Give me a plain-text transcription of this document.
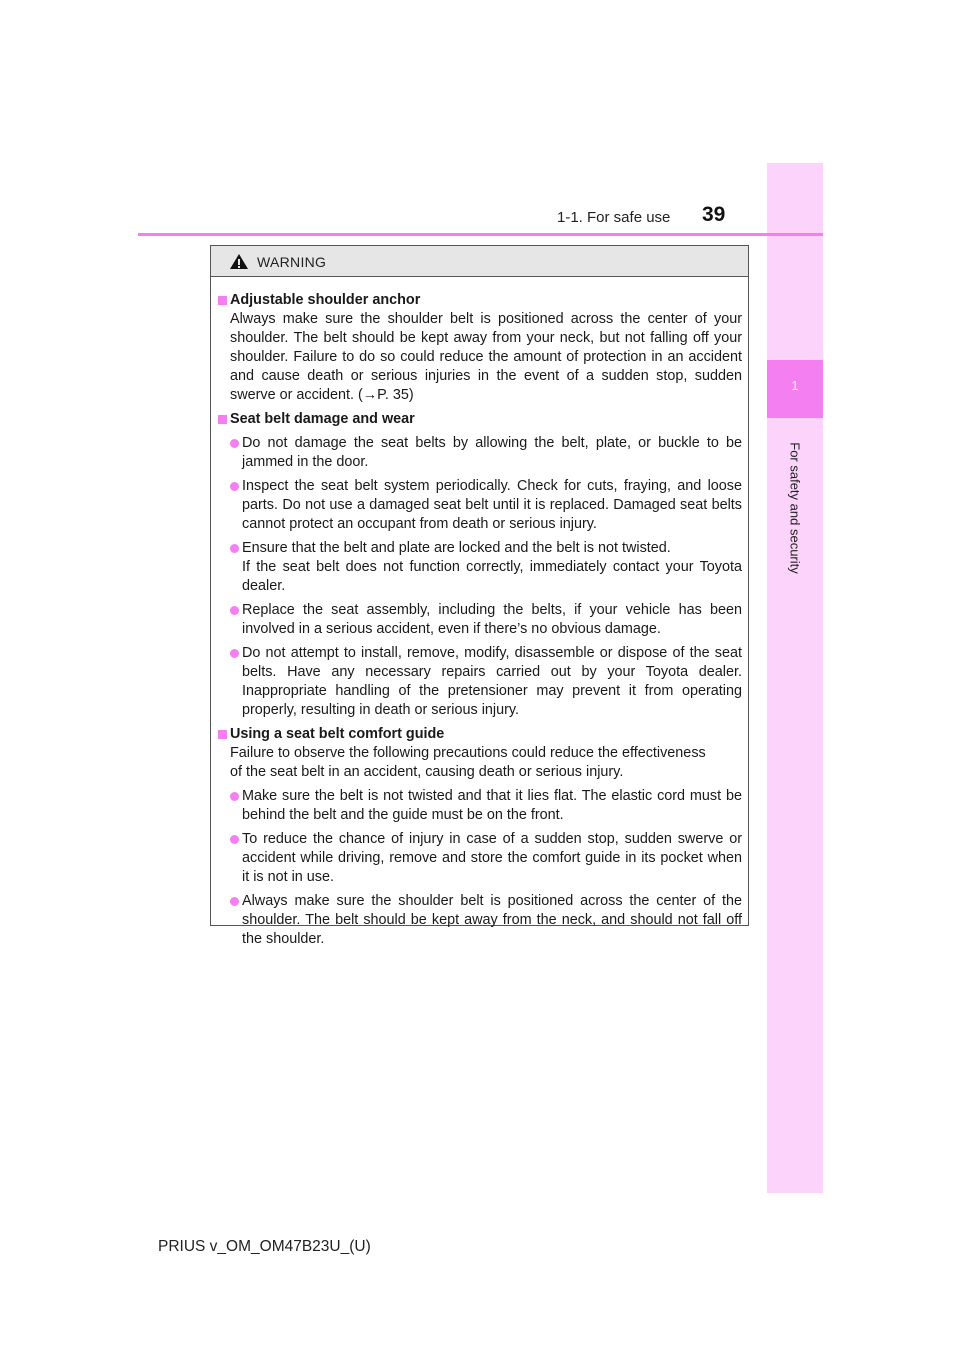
1
For safety and security
1-1. For safe use 39
WARNING
Adjustable shoulder anchor
Always make sure the shoulder belt is positioned across the center of your shoulder. The belt should be kept away from your neck, but not falling off your shoulder. Failure to do so could reduce the amount of protection in an accident and cause death or serious injuries in the event of a sudden stop, sudden swerve or accident. (→P. 35)
Seat belt damage and wear
Do not damage the seat belts by allowing the belt, plate, or buckle to be jammed in the door.
Inspect the seat belt system periodically. Check for cuts, fraying, and loose parts. Do not use a damaged seat belt until it is replaced. Damaged seat belts cannot protect an occupant from death or serious injury.
Ensure that the belt and plate are locked and the belt is not twisted.
If the seat belt does not function correctly, immediately contact your Toyota dealer.
Replace the seat assembly, including the belts, if your vehicle has been involved in a serious accident, even if there’s no obvious damage.
Do not attempt to install, remove, modify, disassemble or dispose of the seat belts. Have any necessary repairs carried out by your Toyota dealer. Inappropriate handling of the pretensioner may prevent it from operating properly, resulting in death or serious injury.
Using a seat belt comfort guide
Failure to observe the following precautions could reduce the effectiveness
of the seat belt in an accident, causing death or serious injury.
Make sure the belt is not twisted and that it lies flat. The elastic cord must be behind the belt and the guide must be on the front.
To reduce the chance of injury in case of a sudden stop, sudden swerve or accident while driving, remove and store the comfort guide in its pocket when it is not in use.
Always make sure the shoulder belt is positioned across the center of the shoulder. The belt should be kept away from the neck, and should not fall off the shoulder.
PRIUS v_OM_OM47B23U_(U)
